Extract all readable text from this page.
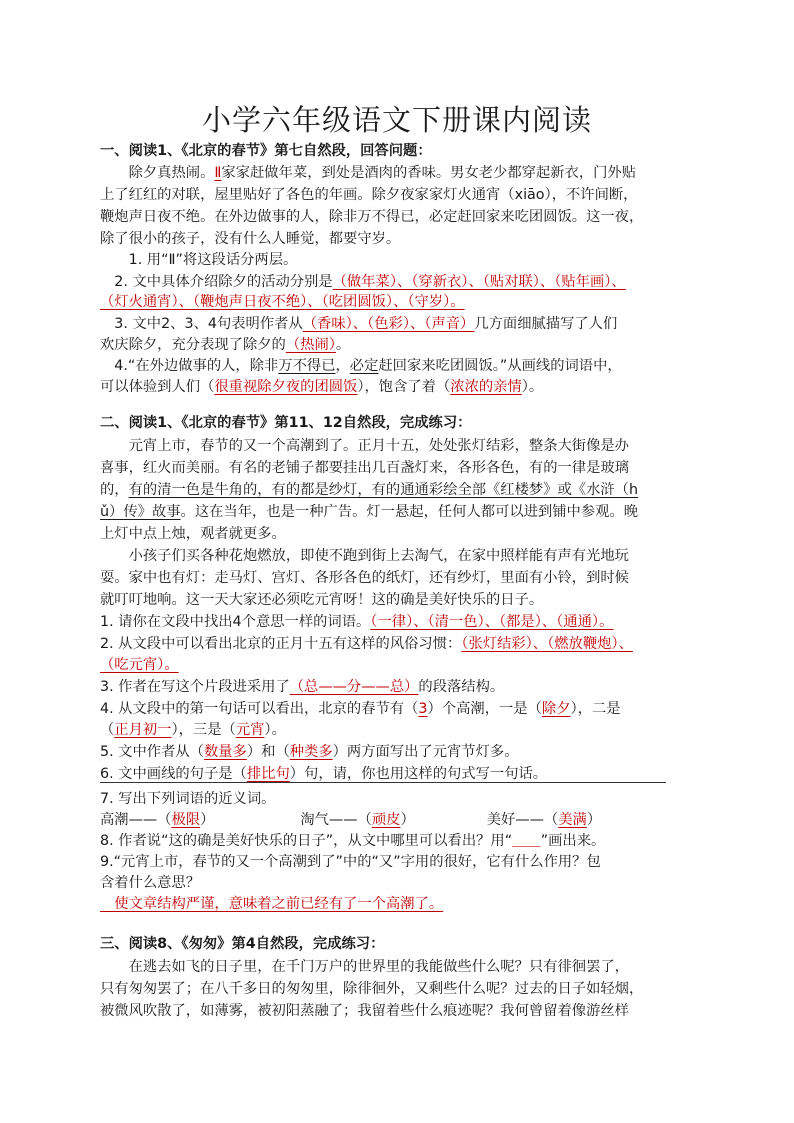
小学六年级语文下册课内阅读
一、阅读1、《北京的春节》第七自然段，回答问题：
　　除夕真热闹。Ⅱ家家赶做年菜，到处是酒肉的香味。男女老少都穿起新衣，门外贴
上了红红的对联，屋里贴好了各色的年画。除夕夜家家灯火通宵（xiāo），不许间断，
鞭炮声日夜不绝。在外边做事的人，除非万不得已，必定赶回家来吃团圆饭。这一夜，
除了很小的孩子，没有什么人睡觉，都要守岁。
　　1. 用“Ⅱ”将这段话分两层。
　2. 文中具体介绍除夕的活动分别是（做年菜）、（穿新衣）、（贴对联）、（贴年画）、
（灯火通宵）、（鞭炮声日夜不绝）、（吃团圆饭）、（守岁）。
　3. 文中2、3、4句表明作者从（香味）、（色彩）、（声音）几方面细腻描写了人们
欢庆除夕，充分表现了除夕的（热闹）。
　4.“在外边做事的人，除非万不得已，必定赶回家来吃团圆饭。”从画线的词语中，
可以体验到人们（很重视除夕夜的团圆饭），饱含了着（浓浓的亲情）。
二、阅读1、《北京的春节》第11、12自然段，完成练习：
　　元宵上市，春节的又一个高潮到了。正月十五，处处张灯结彩，整条大街像是办
喜事，红火而美丽。有名的老铺子都要挂出几百盏灯来，各形各色，有的一律是玻璃
的，有的清一色是牛角的，有的都是纱灯，有的通通彩绘全部《红楼梦》或《水浒（h
ǔ）传》故事。这在当年，也是一种广告。灯一悬起，任何人都可以进到铺中参观。晚
上灯中点上烛，观者就更多。
　　小孩子们买各种花炮燃放，即使不跑到街上去淘气，在家中照样能有声有光地玩
耍。家中也有灯：走马灯、宫灯、各形各色的纸灯，还有纱灯，里面有小铃，到时候
就叮叮地响。这一天大家还必须吃元宵呀！这的确是美好快乐的日子。
1. 请你在文段中找出4个意思一样的词语。（一律）、（清一色）、（都是）、（通通）。
2. 从文段中可以看出北京的正月十五有这样的风俗习惯：（张灯结彩）、（燃放鞭炮）、
（吃元宵）。
3. 作者在写这个片段进采用了（总——分——总）的段落结构。
4. 从文段中的第一句话可以看出，北京的春节有（3）个高潮，一是（除夕），二是
（正月初一），三是（元宵）。
5. 文中作者从（数量多）和（种类多）两方面写出了元宵节灯多。
6. 文中画线的句子是（排比句）句，请，你也用这样的句式写一句话。
7. 写出下列词语的近义词。
高潮——（极限）	淘气——（顽皮）	美好——（美满）
8. 作者说“这的确是美好快乐的日子”，从文中哪里可以看出？用“＿＿”画出来。
9.“元宵上市，春节的又一个高潮到了”中的“又”字用的很好，它有什么作用？包
含着什么意思？
　使文章结构严谨，意味着之前已经有了一个高潮了。
三、阅读8、《匆匆》第4自然段，完成练习：
　　在逃去如飞的日子里，在千门万户的世界里的我能做些什么呢？只有徘徊罢了，
只有匆匆罢了；在八千多日的匆匆里，除徘徊外，又剩些什么呢？过去的日子如轻烟，
被微风吹散了，如薄雾，被初阳蒸融了；我留着些什么痕迹呢？我何曾留着像游丝样
